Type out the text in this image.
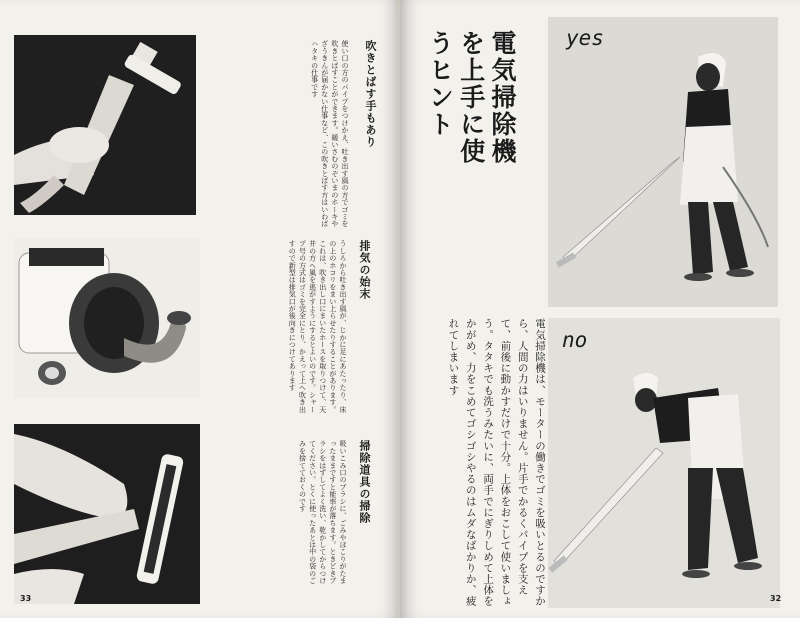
吹きとばす手もあり
使い口の方のパイプをつけかえ、吐き出す風の方でゴミを吹きとばすことができます。暖いさむのぞいまのホーキやざうきんが届かない仕事など、この吹きとばす方はいわばハタキの仕事です
排気の始末
うしろから吐き出す風が、じかに足にあたったり、床の上のホコリをまい上らせたりすることがあります。これは、吹き出し口にまいたホースを取りつけて、天井の方へ風を逃がすようにするとよいのです。シャープ号の方式はゴミを完全にとり、かえって上へ吹き出すので新型は排気口が後向きにつけてあります
掃除道具の掃除
吸いこみ口のブラシに、ごみやほこりがたまったままですと能率が落ちます。ときどきブラシをはずしてよく洗い、乾かしてからつけてください。とくに使ったあとは中の袋のごみを捨てておくのです
33
電気掃除機を上手に使うヒント
電気掃除機は、モーターの働きでゴミを吸いとるのですから、人間の力はいりません。片手でかるくパイプを支えて、前後に動かすだけで十分。上体をおこして使いましょう。タタキでも洗うみたいに、両手でにぎりしめて上体をかがめ、力をこめてゴシゴシやるのはムダなばかりか、疲れてしまいます
yes
no
32
